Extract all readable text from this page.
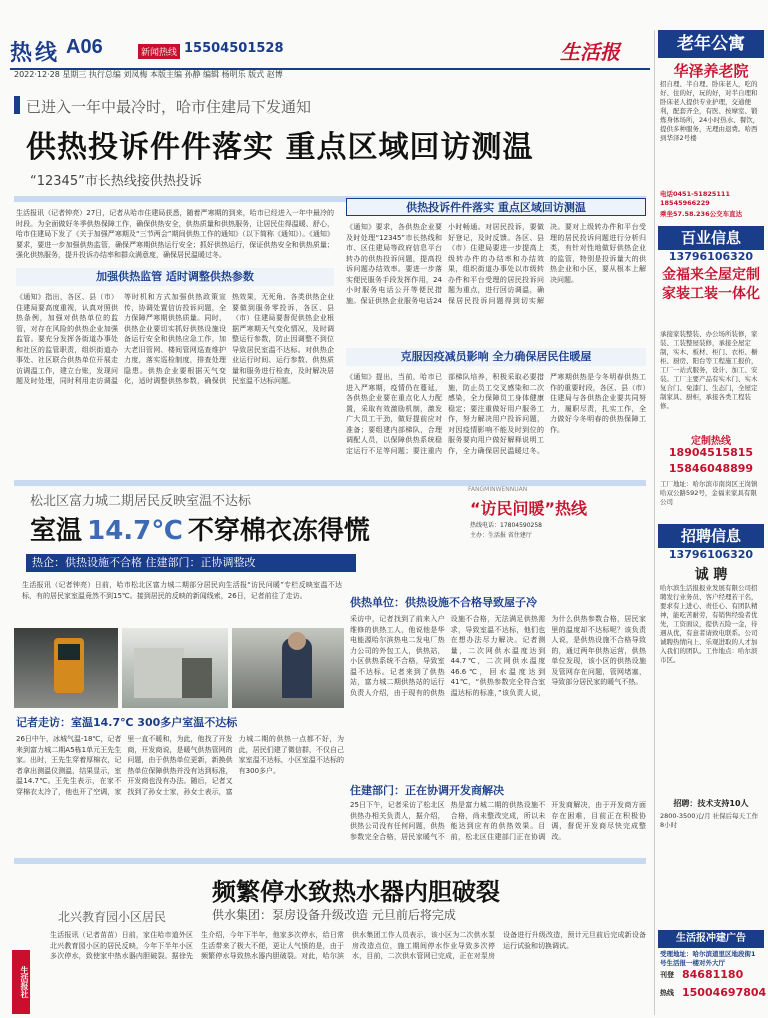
热线 A06	新闻热线 15504501528	生活报
2022·12·28 星期三 执行总编 刘凤梅 本版主编 孙静 编辑 杨明乐 版式 赵博
已进入一年中最冷时，哈市住建局下发通知
供热投诉件件落实 重点区域回访测温
“12345”市长热线接供热投诉
生活报讯（记者钟亮）27日，记者从哈市住建局获悉，随着严寒期的到来，哈市已经进入一年中最冷的时段。为全面做好冬季供热保障工作，确保供热安全，供热质量和供热服务，让居民住得温暖、舒心，哈市住建局下发了《关于加强严寒期及“三节两会”期间供热工作的通知》（以下简称《通知》）。《通知》要求，要进一步加强供热监管，确保严寒期供热运行安全；抓好供热运行，保证供热安全和供热质量；强化供热服务，提升投诉办结率和群众满意度，确保居民温暖过冬。
加强供热监管 适时调整供热参数
《通知》指出，各区、县（市）住建局要高度重视，认真对照供热条例，加强对供热单位的监管，对存在风险的供热企业加强监管。要充分发挥各街道办事处和社区的监管职责，组织街道办事处、社区联合供热单位开展走访调温工作，建立台账，发现问题及时处理，同时利用走访调温等时机和方式加强供热政策宣传，协调处置信访投诉问题，全力保障严寒期供热质量。同时，供热企业要切实抓好供热设施设备运行安全和供热应急工作，加大老旧管网、楼间管网巡查维护力度，落实巡检制度，排查处理隐患。供热企业要根据天气变化，适时调整供热参数，确保供热效果，无死角、各类供热企业要做到服务零投诉，各区、县（市）住建局要督促供热企业根据严寒期天气变化情况，及时调整运行参数，防止因调整不到位导致居民室温不达标。对供热企业运行时间、运行参数、供热质量和服务进行检查，及时解决居民室温不达标问题。
供热投诉件件落实 重点区域回访测温
《通知》要求，各供热企业要及时处理“12345”市长热线和市、区住建局等政府信息平台转办的供热投诉问题，提高投诉问题办结效率。要进一步落实便民服务手段发挥作用，24小时服务电话公开等便民措施。保证供热企业服务电话24小时畅通。对居民投诉，要做好登记，及时反馈。各区、县（市）住建局要进一步提高上级转办件的办结率和办结效果，组织街道办事处以市级转办件和平台受理的居民投诉问题为重点，进行回访调温，确保居民投诉问题得到切实解决。要对上级转办件和平台受理的居民投诉问题进行分析归类，有针对性地做好供热企业的监管，特别是投诉量大的供热企业和小区，要从根本上解决问题。
克服因疫减员影响 全力确保居民住暖屋
《通知》提出，当前，哈市已进入严寒期，疫情仍在蔓延，各供热企业要在重点化人力配置，采取有效激励机制，激发广大员工干劲，做好提前应对准备；要组建内部梯队，合理调配人员，以保障供热系统稳定运行不足等问题；要注重内部梯队培养，积极采取必要措施，防止员工交叉感染和二次感染，全力保障员工身体健康稳定；要注重做好用户服务工作，努力解决用户投诉问题，对因疫情影响不能及时到位的服务要向用户做好解释说明工作，全力确保居民温暖过冬。严寒期供热是今冬明春供热工作的重要时段，各区、县（市）住建局与各供热企业要共同努力，履职尽责，扎实工作，全力做好今冬明春的供热保障工作。
松北区富力城二期居民反映室温不达标
室温 14.7℃ 不穿棉衣冻得慌
热企：供热设施不合格 住建部门：正协调整改
FANGMINWENNUAN
“访民问暖”热线
热线电话：17804590258
主办：生活报 省住建厅
生活报讯（记者钟亮）日前，哈市松北区富力城二期部分居民向生活报“访民问暖”专栏反映室温不达标，有的居民家室温竟然不到15℃。接到居民的反映的新闻线索，26日，记者前往了走访。
记者走访：室温14.7℃ 300多户室温不达标
26日中午，冰城气温-18℃，记者来到富力城二期A5栋1单元王先生家。出时，王先生穿着厚棉衣，记者拿出测温仪测温，结果显示，室温14.7℃。王先生表示，在家不穿棉衣太冷了，他也开了空调，家里一直不暖和，为此，他找了开发商，开发商说，是暖气供热管网的问题，由于供热单位更新，新换供热单位保障供热并没有达到标准，开发商也没有办法。随后，记者又找到了孙女士家，孙女士表示，富力城二期的供热一点都不好，为此，居民们建了微信群，不仅自己家室温不达标，小区室温不达标的有300多户。
供热单位：供热设施不合格导致屋子冷
采访中，记者找到了前来入户维修的供热工人，他说他是华电能源哈尔滨热电二发电厂热力公司的外包工人，供热站，小区供热系统不合格，导致室温不达标。记者来到了供热站，富力城二期供热站的运行负责人介绍，由于现有的供热设施不合格，无法满足供热需求，导致室温不达标，他们也在想办法尽力解决。记者测量，二次网供水温度达到44.7℃，二次网供水温度46.6℃，回水温度达到41℃，“供热参数完全符合室温达标的标准，”该负责人说，为什么供热参数合格，居民家里的温度却不达标呢？该负责人说，是供热设施不合格导致的，通过两年供热运营，供热单位发现，该小区的供热设施及管网存在问题，管网堵塞，导致部分居民家的暖气不热。
住建部门：正在协调开发商解决
25日下午，记者采访了松北区供热办相关负责人，据介绍，供热公司没有任何问题，供热参数完全合格，居民家暖气不热是富力城二期的供热设施不合格，尚未整改完成，所以未能达到应有的供热效果。目前，松北区住建部门正在协调开发商解决，由于开发商方面存在困难，目前正在积极协调，督促开发商尽快完成整改。
北兴教育园小区居民
频繁停水致热水器内胆破裂
供水集团：泵房设备升级改造 元旦前后将完成
生活报讯（记者苗苗）日前，家住哈市道外区北兴教育园小区的居民反映，今年下半年小区多次停水，致使家中热水器内胆破裂。据徐先生介绍，今年下半年，他家多次停水，给日常生活带来了极大不便，更让人气愤的是，由于频繁停水导致热水器内胆破裂。对此，哈尔滨供水集团工作人员表示，该小区为二次供水泵房改造点位，施工期间停水作业导致多次停水，目前，二次供水管网已完成，正在对泵房设备进行升级改造，预计元旦前后完成新设备运行试验和切换调试。
生活报社
老年公寓
华泽养老院
招自理、半自理、卧床老人，吃的好、住的好，玩的好，对半自理和卧床老人提供专业护理，交通便利，配套齐全，有医、按摩室、锻炼身体场所，24小时热水、餐饮，提供多种服务，无理由退费。哈西到华泽2号楼
电话0451-51825111 18545966229
乘坐57.58.236公交车直达
百业信息
13796106320
金福来全屋定制 家装工装一体化
承接家装整装、办公场所装修，家装、工装整屋装修，承接全屋定制，实木、板材、柜门、衣柜、橱柜、厨房、阳台等工程施工报价，工厂一站式服务，设计、加工、安装。工厂主要产品有实木门、实木复合门、免漆门、生态门，全屋定制家具、厨柜，承接各类工程装修。
定制热线
18904515815
15846048899
工厂地址：哈尔滨市南岗区王岗镇哈双公路592号，金福来家具有限公司
招聘信息
13796106320
诚 聘
哈尔滨生活报报业发展有限公司招聘发行业务员、客户经理若干名，要求有上进心、责任心、有团队精神，能吃苦耐劳，有销售经验者优先，工资面议，提供五险一金，待遇从优，有意者请致电联系。公司诚聘热情向上、乐观进取的人才加入我们的团队。工作地点：哈尔滨市区。
招聘：技术支持10人
2800-3500元/月 社保后每天工作8小时
生活报冲建广告
受理地址：哈尔滨道里区地段街1号生活报一楼对外大厅
刊登 84681180
热线 15004697804
